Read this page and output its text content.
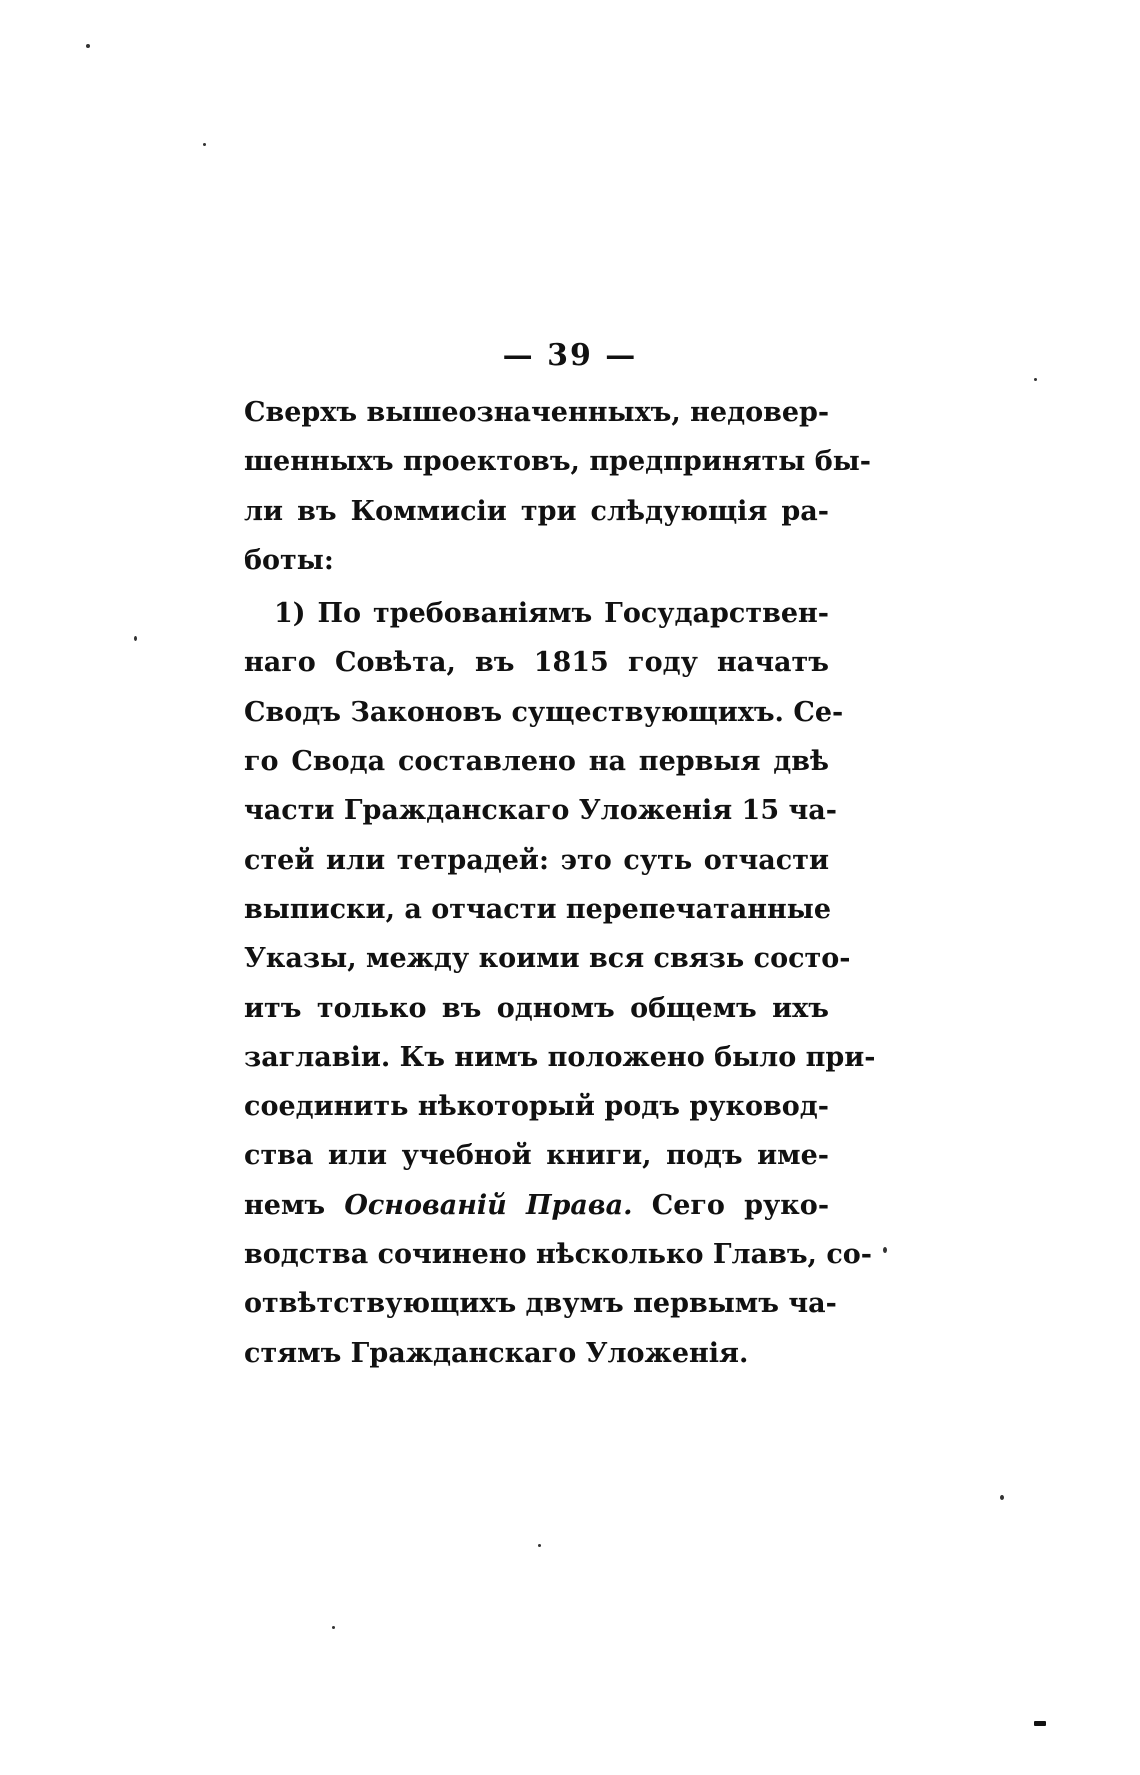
— 39 —
Сверхъ вышеозначенныхъ, недовер-
шенныхъ проектовъ, предприняты бы-
ли въ Коммисіи три слѣдующія ра-
боты:
1) По требованіямъ Государствен-
наго Совѣта, въ 1815 году начатъ
Сводъ Законовъ существующихъ. Се-
го Свода составлено на первыя двѣ
части Гражданскаго Уложенія 15 ча-
стей или тетрадей: это суть отчасти
выписки, а отчасти перепечатанные
Указы, между коими вся связь состо-
итъ только въ одномъ общемъ ихъ
заглавіи. Къ нимъ положено было при-
соединить нѣкоторый родъ руковод-
ства или учебной книги, подъ име-
немъ Основаній Права. Сего руко-
водства сочинено нѣсколько Главъ, со-
отвѣтствующихъ двумъ первымъ ча-
стямъ Гражданскаго Уложенія.
